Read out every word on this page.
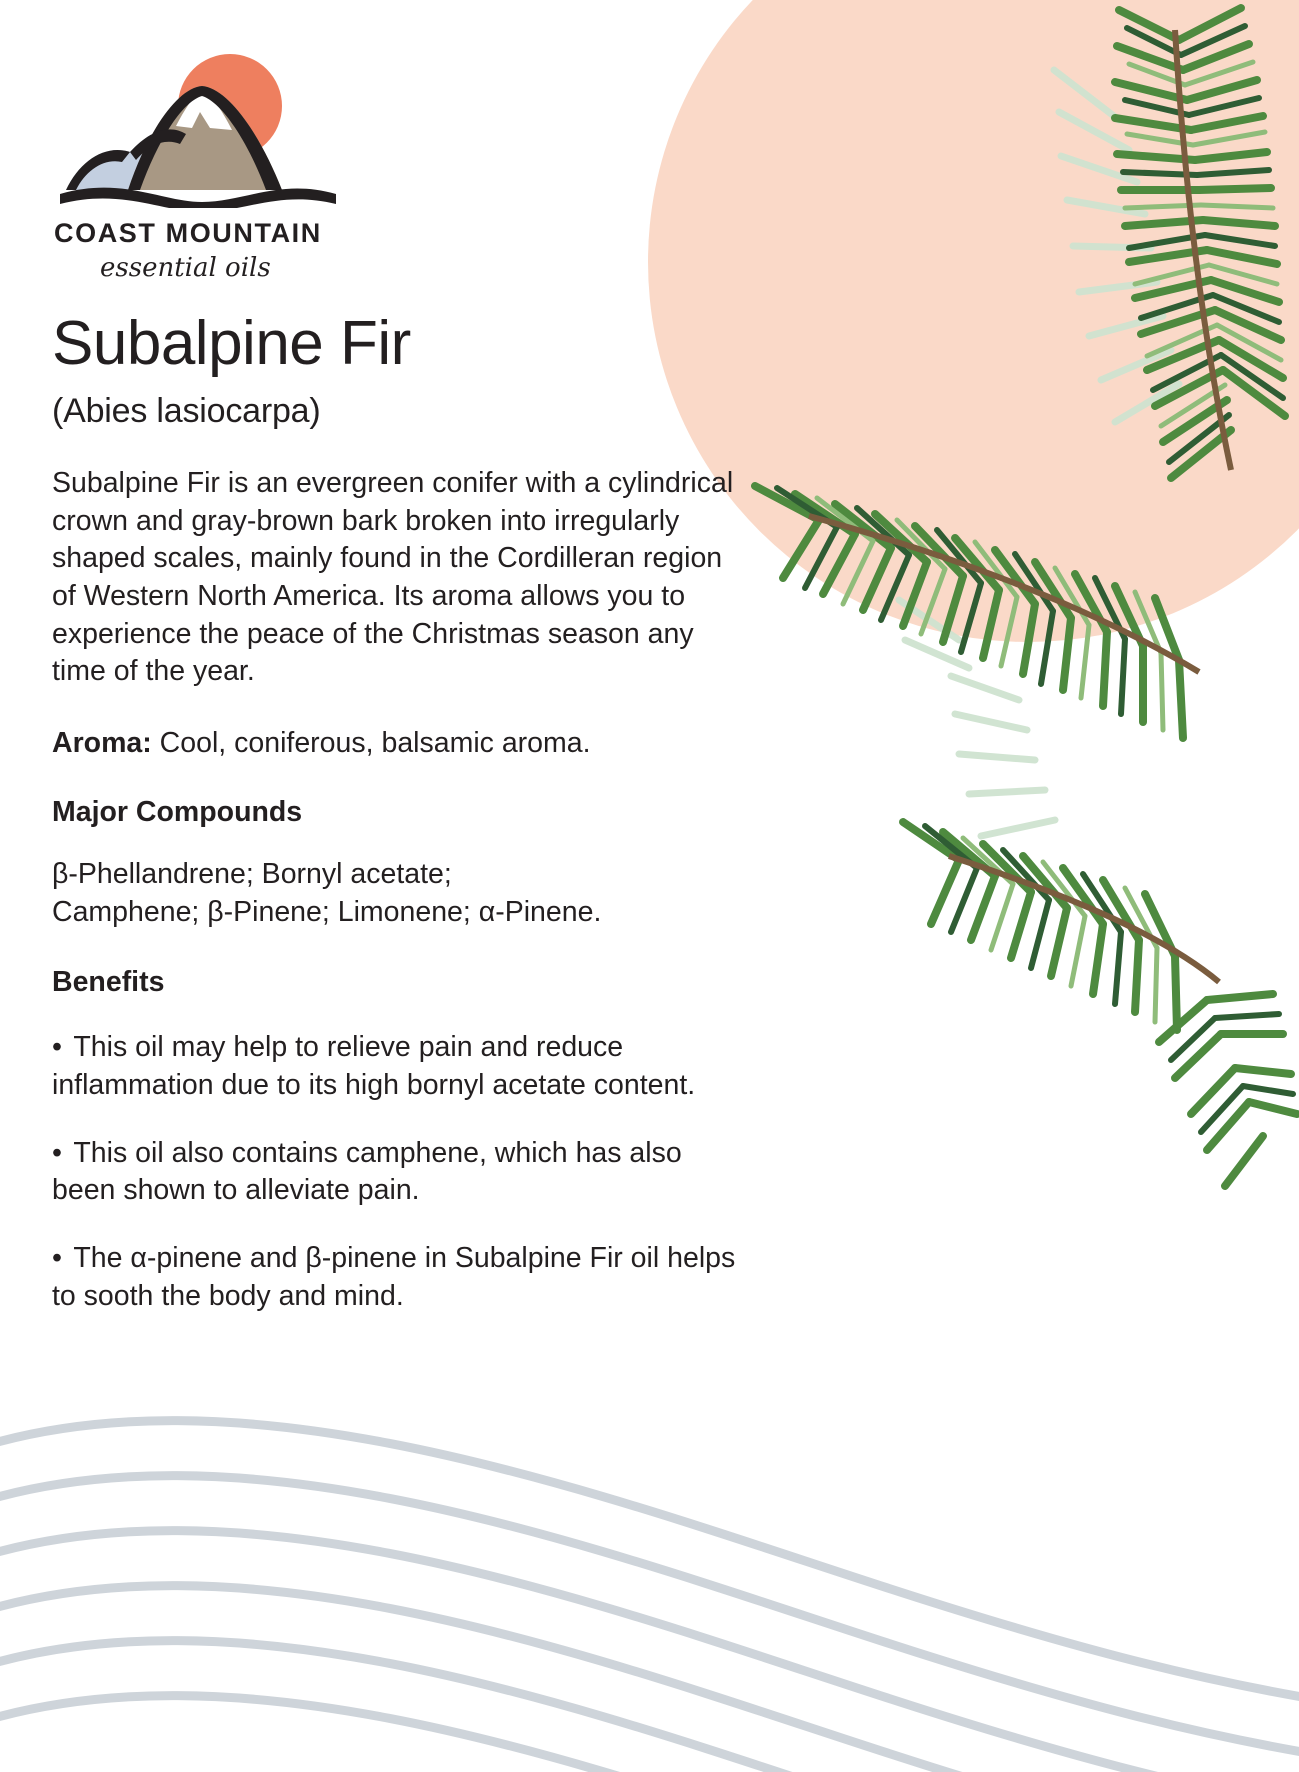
COAST MOUNTAIN
essential oils
Subalpine Fir
(Abies lasiocarpa)

Subalpine Fir is an evergreen conifer with a cylindrical crown and gray-brown bark broken into irregularly shaped scales, mainly found in the Cordilleran region of Western North America. Its aroma allows you to experience the peace of the Christmas season any time of the year.

Aroma: Cool, coniferous, balsamic aroma.

Major Compounds
β-Phellandrene; Bornyl acetate;
Camphene; β-Pinene; Limonene; α-Pinene.
Benefits

• This oil may help to relieve pain and reduce inflammation due to its high bornyl acetate content.

• This oil also contains camphene, which has also been shown to alleviate pain.

• The α-pinene and β-pinene in Subalpine Fir oil helps to sooth the body and mind.
